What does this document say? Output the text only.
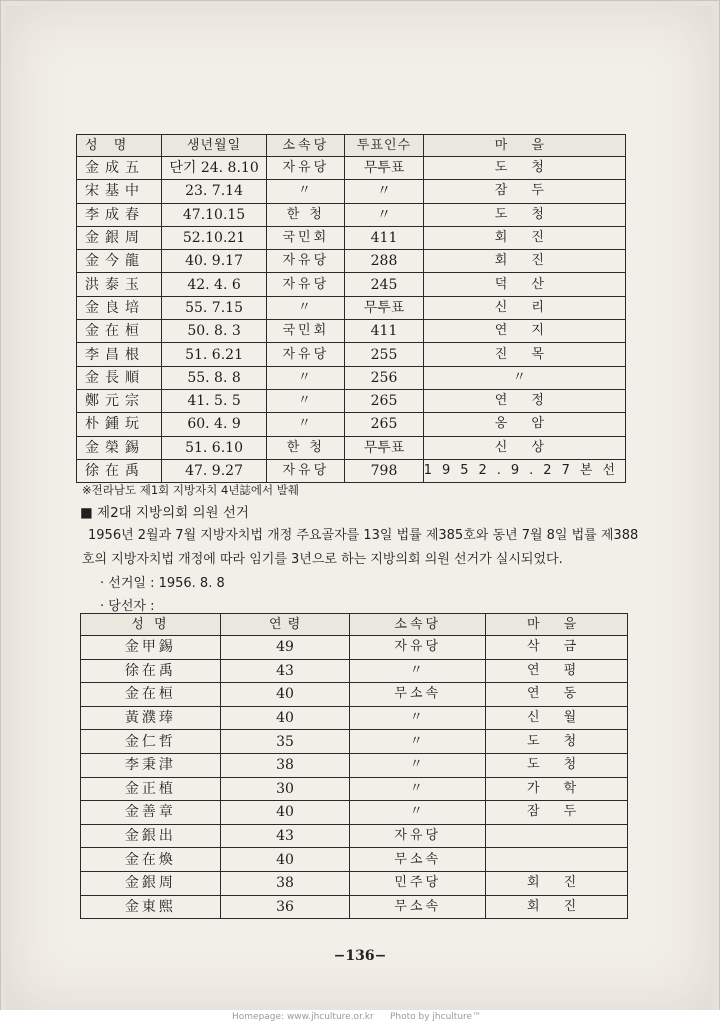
성 명	생년월일	소속당	투표인수	마 을
金成五	단기 24. 8.10	자유당	무투표	도 청
宋基中	23. 7.14	〃	〃	잠 두
李成春	47.10.15	한 청	〃	도 청
金銀周	52.10.21	국민회	411	회 진
金今龍	40. 9.17	자유당	288	회 진
洪泰玉	42. 4. 6	자유당	245	덕 산
金良培	55. 7.15	〃	무투표	신 리
金在桓	50. 8. 3	국민회	411	연 지
李昌根	51. 6.21	자유당	255	진 목
金長順	55. 8. 8	〃	256	〃
鄭元宗	41. 5. 5	〃	265	연 정
朴鍾玩	60. 4. 9	〃	265	옹 암
金榮錫	51. 6.10	한 청	무투표	신 상
徐在禹	47. 9.27	자유당	798	1952.9.27본선
※전라남도 제1회 지방자치 4년誌에서 발췌
■ 제2대 지방의회 의원 선거
1956년 2월과 7월 지방자치법 개정 주요골자를 13일 법률 제385호와 동년 7월 8일 법률 제388호의 지방자치법 개정에 따라 임기를 3년으로 하는 지방의회 의원 선거가 실시되었다.
· 선거일 : 1956. 8. 8
· 당선자 :
성 명	연 령	소속당	마 을
金甲錫	49	자유당	삭 금
徐在禹	43	〃	연 평
金在桓	40	무소속	연 동
黃濮琫	40	〃	신 월
金仁哲	35	〃	도 청
李秉津	38	〃	도 청
金正植	30	〃	가 학
金善章	40	〃	잠 두
金銀出	43	자유당	
金在煥	40	무소속	
金銀周	38	민주당	회 진
金東熙	36	무소속	회 진
−136−
Homepage: www.jhculture.or.kr Photo by jhculture™
